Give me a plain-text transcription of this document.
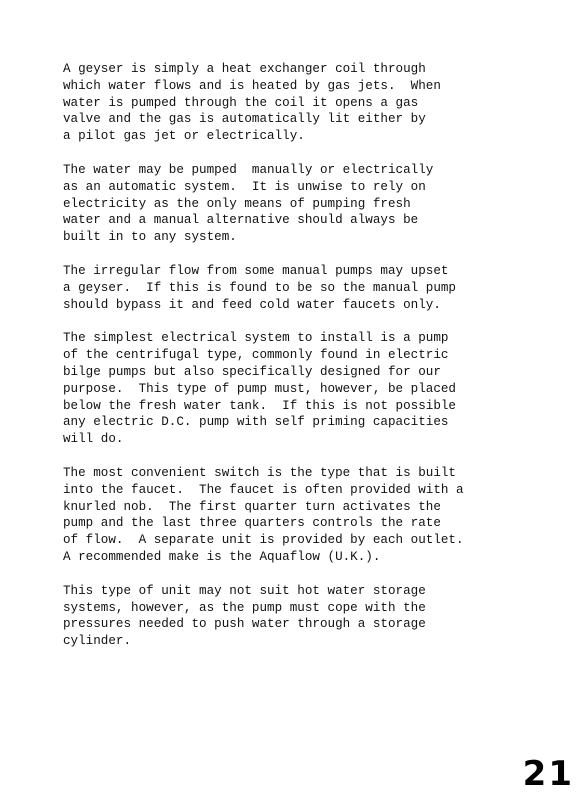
A geyser is simply a heat exchanger coil through
which water flows and is heated by gas jets.  When
water is pumped through the coil it opens a gas
valve and the gas is automatically lit either by
a pilot gas jet or electrically.

The water may be pumped  manually or electrically
as an automatic system.  It is unwise to rely on
electricity as the only means of pumping fresh
water and a manual alternative should always be
built in to any system.

The irregular flow from some manual pumps may upset
a geyser.  If this is found to be so the manual pump
should bypass it and feed cold water faucets only.

The simplest electrical system to install is a pump
of the centrifugal type, commonly found in electric
bilge pumps but also specifically designed for our
purpose.  This type of pump must, however, be placed
below the fresh water tank.  If this is not possible
any electric D.C. pump with self priming capacities
will do.

The most convenient switch is the type that is built
into the faucet.  The faucet is often provided with a
knurled nob.  The first quarter turn activates the
pump and the last three quarters controls the rate
of flow.  A separate unit is provided by each outlet.
A recommended make is the Aquaflow (U.K.).

This type of unit may not suit hot water storage
systems, however, as the pump must cope with the
pressures needed to push water through a storage
cylinder.

21
